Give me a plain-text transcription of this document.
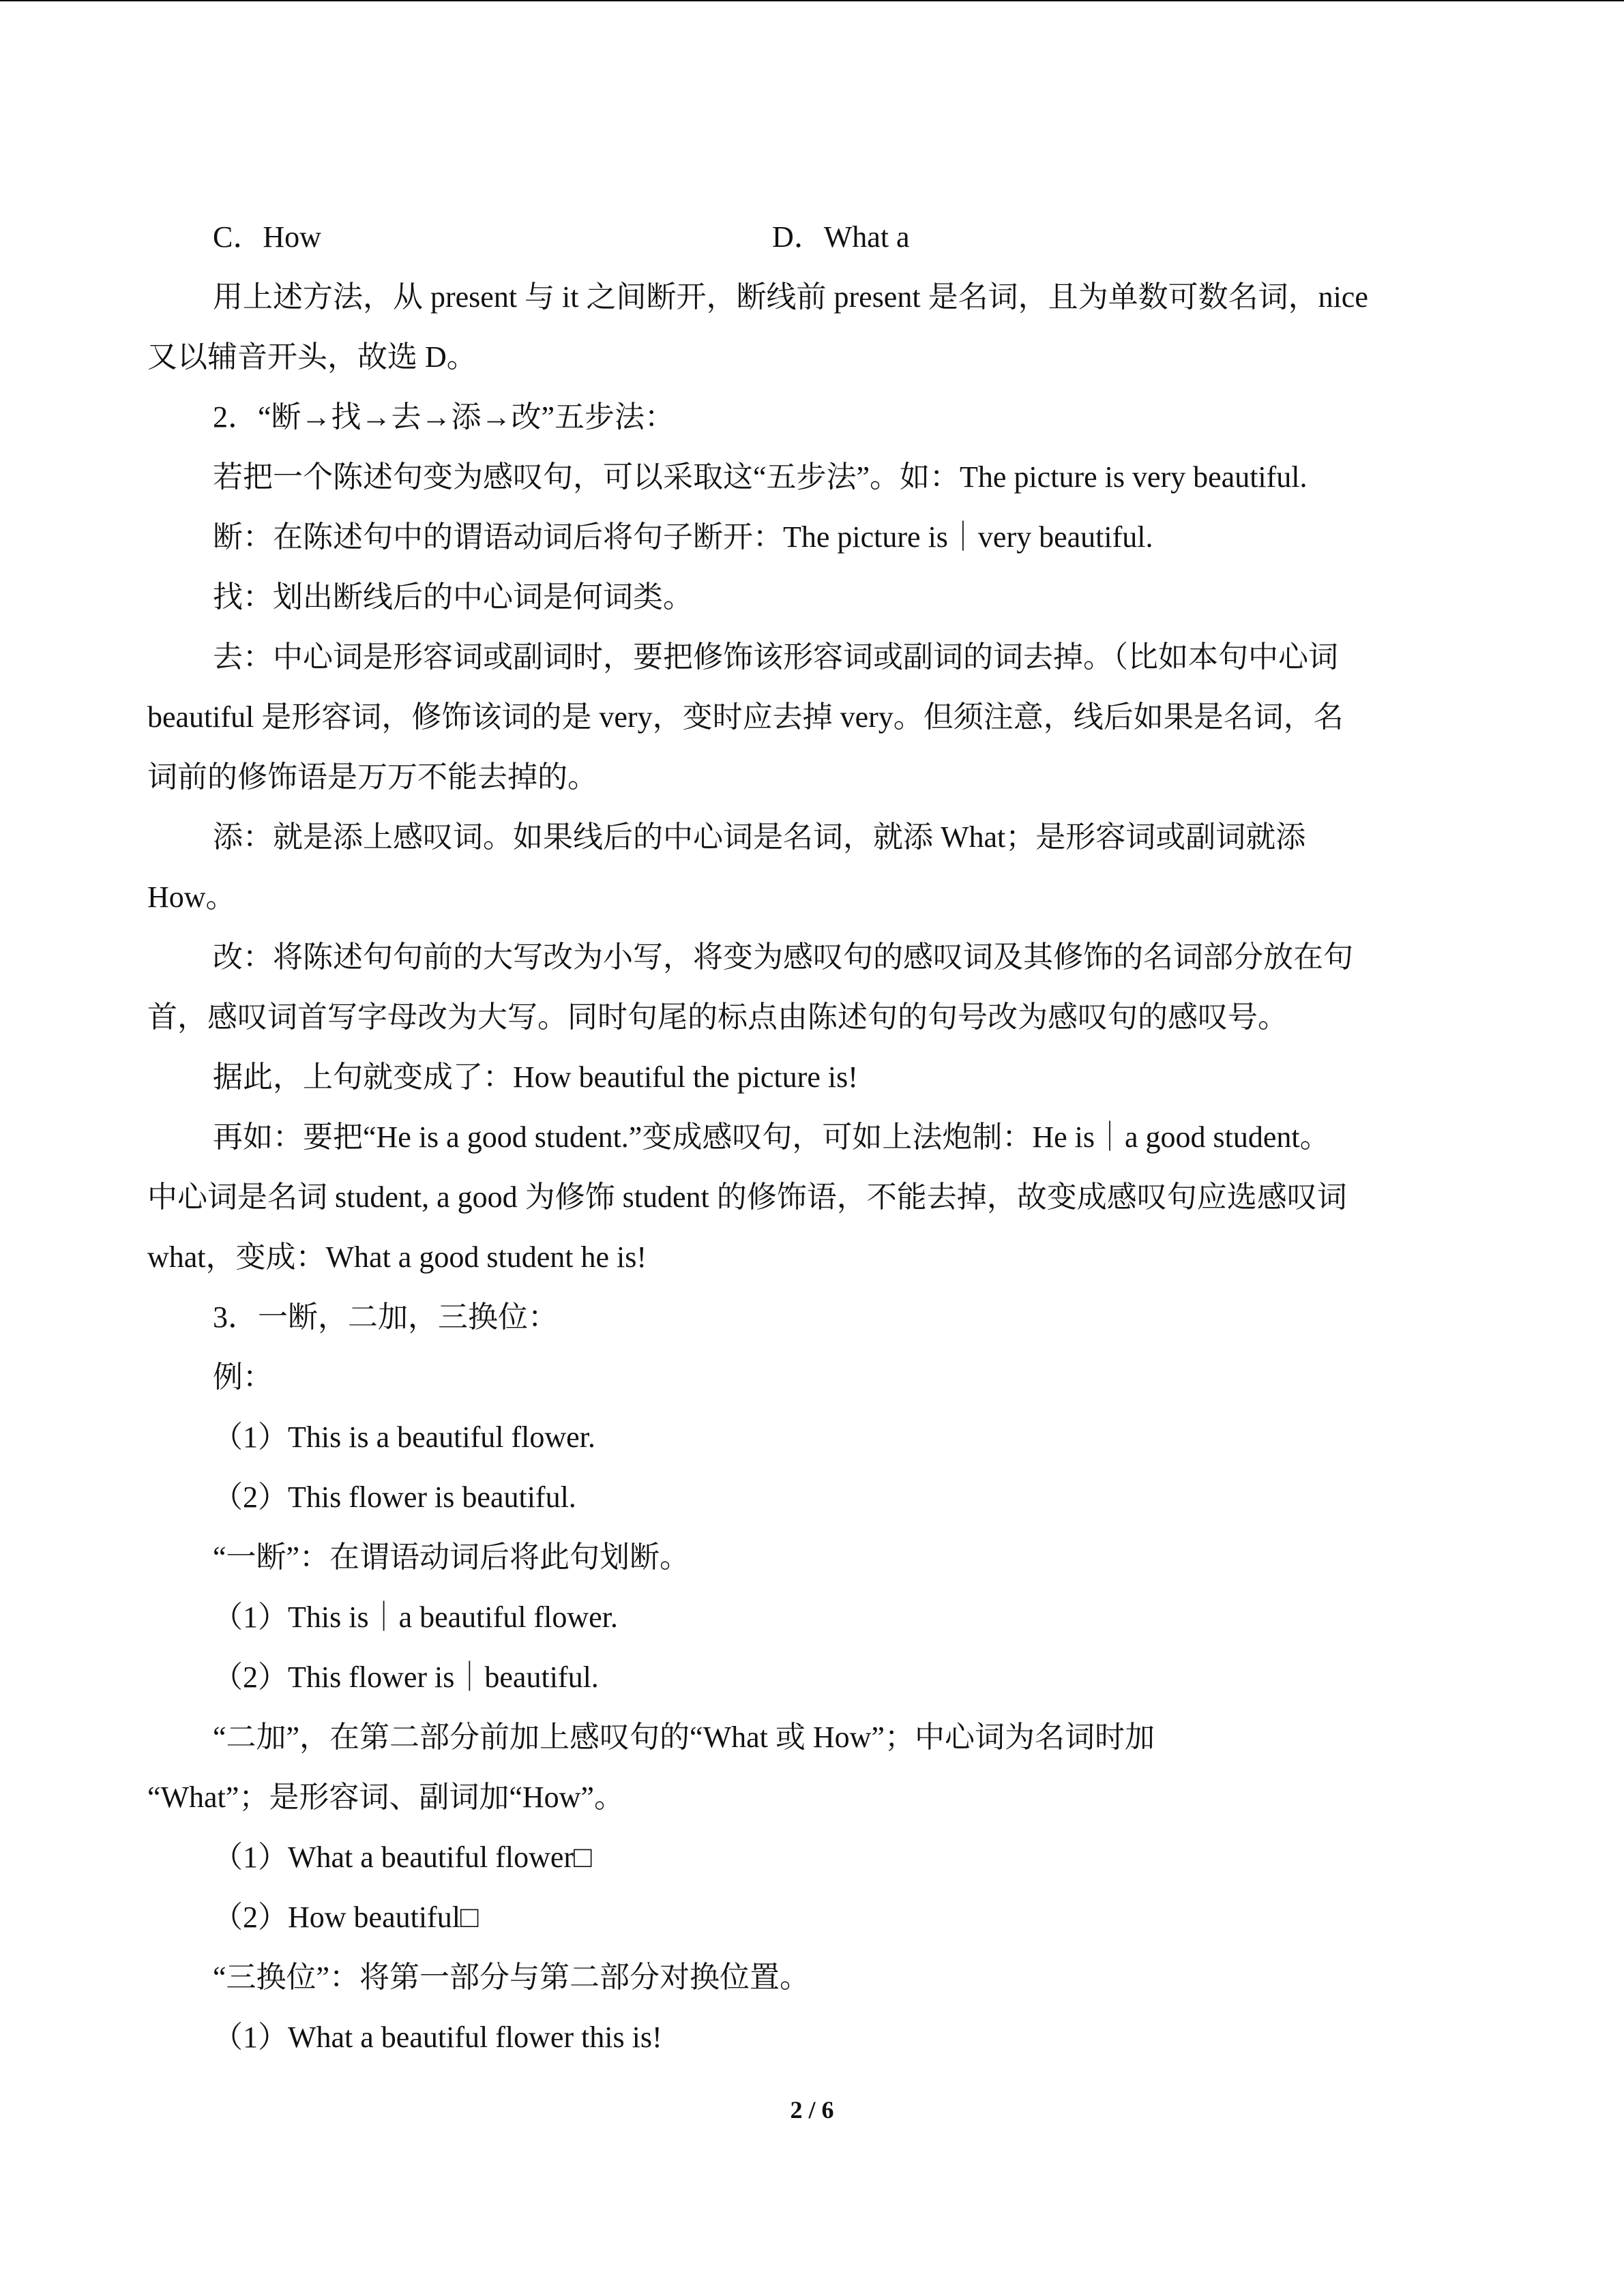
C．How	D．What a
用上述方法，从 present 与 it 之间断开，断线前 present 是名词，且为单数可数名词，nice
又以辅音开头，故选 D。
2．“断→找→去→添→改”五步法：
若把一个陈述句变为感叹句，可以采取这“五步法”。如：The picture is very beautiful.
断：在陈述句中的谓语动词后将句子断开：The picture is｜very beautiful.
找：划出断线后的中心词是何词类。
去：中心词是形容词或副词时，要把修饰该形容词或副词的词去掉。（比如本句中心词
beautiful 是形容词，修饰该词的是 very，变时应去掉 very。但须注意，线后如果是名词，名
词前的修饰语是万万不能去掉的。
添：就是添上感叹词。如果线后的中心词是名词，就添 What；是形容词或副词就添
How。
改：将陈述句句前的大写改为小写，将变为感叹句的感叹词及其修饰的名词部分放在句
首，感叹词首写字母改为大写。同时句尾的标点由陈述句的句号改为感叹句的感叹号。
据此，上句就变成了：How beautiful the picture is!
再如：要把“He is a good student.”变成感叹句，可如上法炮制：He is｜a good student。
中心词是名词 student, a good 为修饰 student 的修饰语，不能去掉，故变成感叹句应选感叹词
what，变成：What a good student he is!
3．一断，二加，三换位：
例：
（1）This is a beautiful flower.
（2）This flower is beautiful.
“一断”：在谓语动词后将此句划断。
（1）This is｜a beautiful flower.
（2）This flower is｜beautiful.
“二加”，在第二部分前加上感叹句的“What 或 How”；中心词为名词时加
“What”；是形容词、副词加“How”。
（1）What a beautiful flower□
（2）How beautiful□
“三换位”：将第一部分与第二部分对换位置。
（1）What a beautiful flower this is!
2 / 6
